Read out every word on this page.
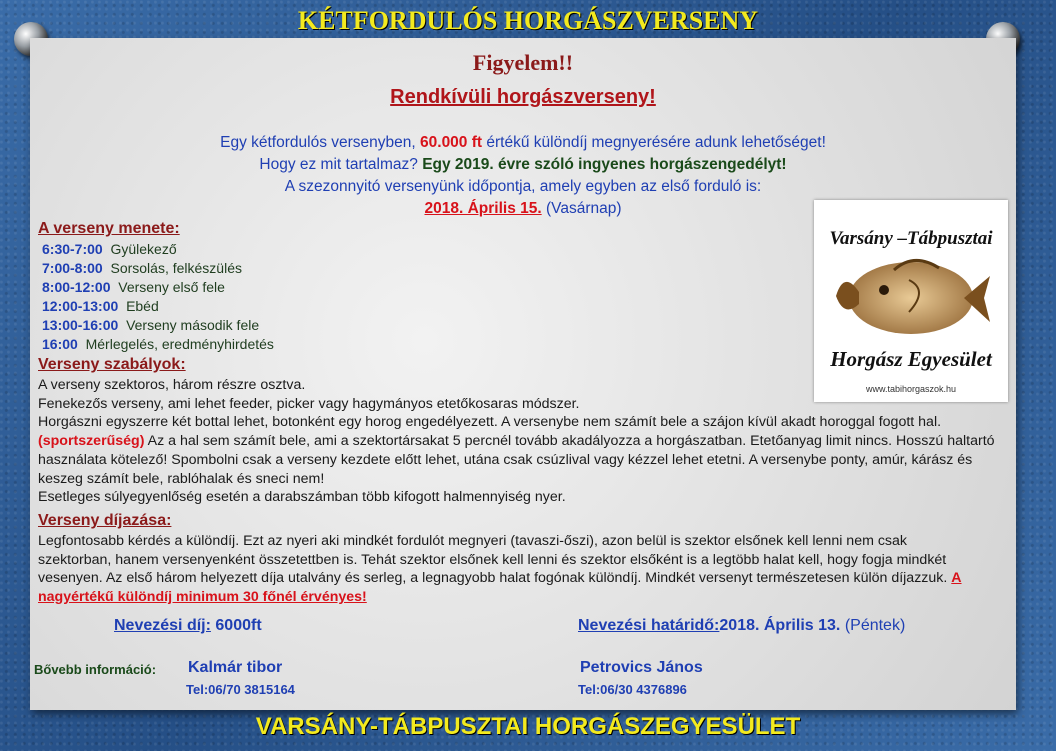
KÉTFORDULÓS HORGÁSZVERSENY
Figyelem!!
Rendkívüli horgászverseny!
Egy kétfordulós versenyben, 60.000 ft értékű különdíj megnyerésére adunk lehetőséget!
Hogy ez mit tartalmaz? Egy 2019. évre szóló ingyenes horgászengedélyt!
A szezonnyitó versenyünk időpontja, amely egyben az első forduló is:
2018. Április 15. (Vasárnap)
A verseny menete:
6:30-7:00 Gyülekező
7:00-8:00 Sorsolás, felkészülés
8:00-12:00 Verseny első fele
12:00-13:00 Ebéd
13:00-16:00 Verseny második fele
16:00 Mérlegelés, eredményhirdetés
Verseny szabályok:

A verseny szektoros, három részre osztva.

Fenekezős verseny, ami lehet feeder, picker vagy hagymányos etetőkosaras módszer.

Horgászni egyszerre két bottal lehet, botonként egy horog engedélyezett. A versenybe nem számít bele a szájon kívül akadt horoggal fogott hal. (sportszerűség) Az a hal sem számít bele, ami a szektortársakat 5 percnél tovább akadályozza a horgászatban. Etetőanyag limit nincs. Hosszú haltartó használata kötelező! Spombolni csak a verseny kezdete előtt lehet, utána csak csúzlival vagy kézzel lehet etetni. A versenybe ponty, amúr, kárász és keszeg számít bele, rablóhalak és sneci nem!

Esetleges súlyegyenlőség esetén a darabszámban több kifogott halmennyiség nyer.

Verseny díjazása:
Legfontosabb kérdés a különdíj. Ezt az nyeri aki mindkét fordulót megnyeri (tavaszi-őszi), azon belül is szektor elsőnek kell lenni nem csak szektorban, hanem versenyenként összetettben is. Tehát szektor elsőnek kell lenni és szektor elsőként is a legtöbb halat kell, hogy fogja mindkét vesenyen. Az első három helyezett díja utalvány és serleg, a legnagyobb halat fogónak különdíj. Mindkét versenyt természetesen külön díjazzuk. A nagyértékű különdíj minimum 30 főnél érvényes!
Nevezési díj: 6000ft	Nevezési határidő:2018. Április 13. (Péntek)
Bővebb információ: Kalmár tibor
Tel:06/70 3815164
Petrovics János
Tel:06/30 4376896
Varsány –Tábpusztai
Horgász Egyesület
www.tabihorgaszok.hu
VARSÁNY-TÁBPUSZTAI HORGÁSZEGYESÜLET
